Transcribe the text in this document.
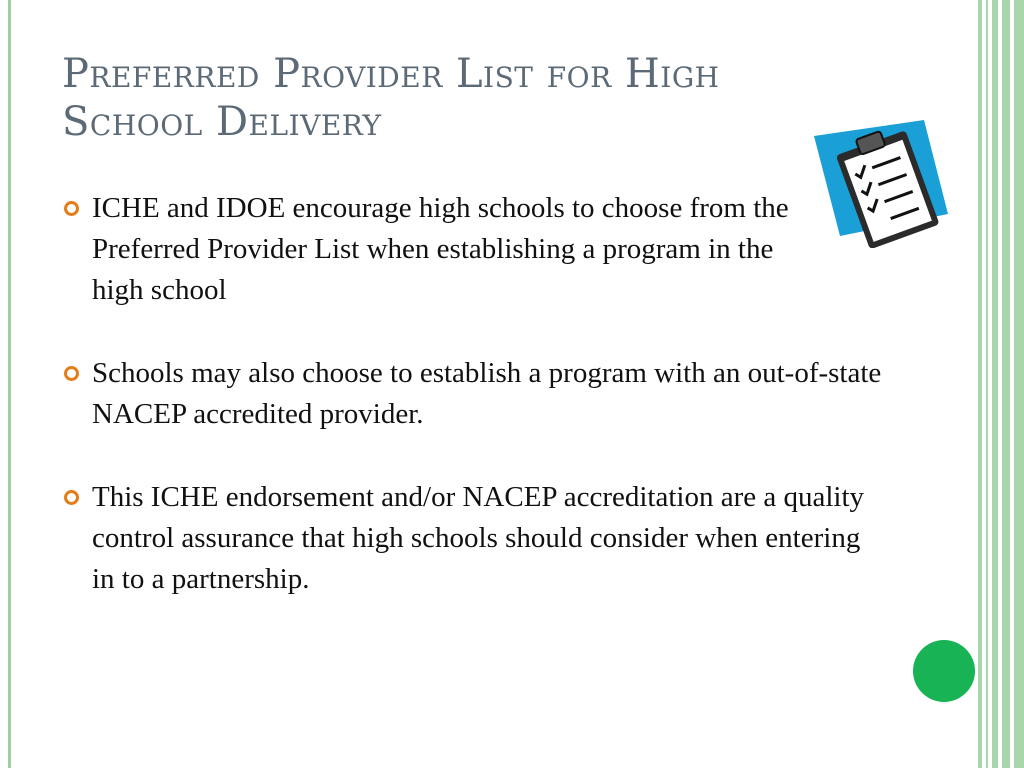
Preferred Provider List for High School Delivery
ICHE and IDOE encourage high schools to choose from the Preferred Provider List when establishing a program in the high school
Schools may also choose to establish a program with an out-of-state NACEP accredited provider.
This ICHE endorsement and/or NACEP accreditation are a quality control assurance that high schools should consider when entering in to a partnership.
